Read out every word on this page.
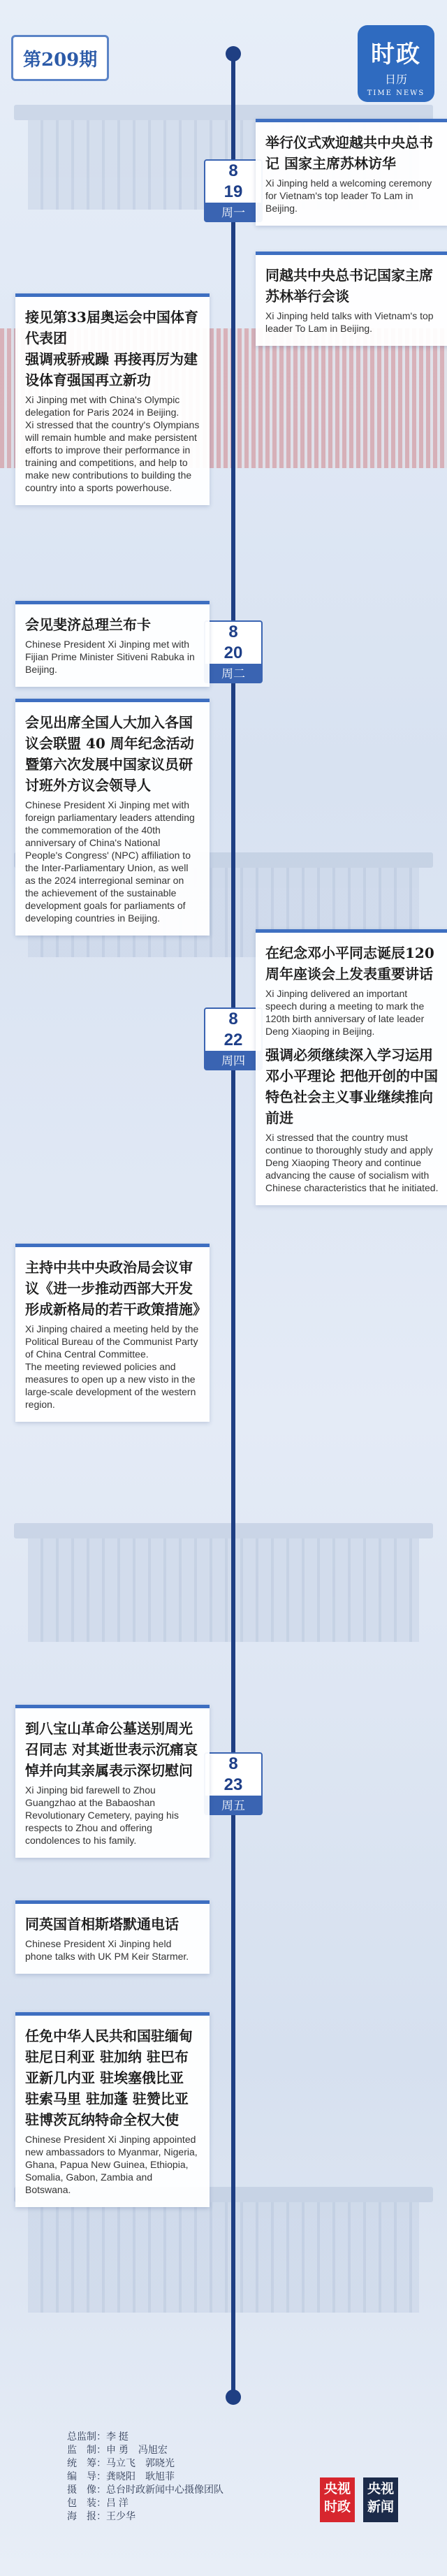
第209期	时政
日历
TIME NEWS
8
19
周一
8
20
周二
8
22
周四
8
23
周五
举行仪式欢迎越共中央总书记 国家主席苏林访华
Xi Jinping held a welcoming ceremony for Vietnam's top leader To Lam in Beijing.
同越共中央总书记国家主席苏林举行会谈
Xi Jinping held talks with Vietnam's top leader To Lam in Beijing.
接见第33届奥运会中国体育代表团
强调戒骄戒躁 再接再厉为建设体育强国再立新功
Xi Jinping met with China's Olympic delegation for Paris 2024 in Beijing.
Xi stressed that the country's Olympians will remain humble and make persistent efforts to improve their performance in training and competitions, and help to make new contributions to building the country into a sports powerhouse.
会见斐济总理兰布卡
Chinese President Xi Jinping met with Fijian Prime Minister Sitiveni Rabuka in Beijing.
会见出席全国人大加入各国议会联盟 40 周年纪念活动暨第六次发展中国家议员研讨班外方议会领导人
Chinese President Xi Jinping met with foreign parliamentary leaders attending the commemoration of the 40th anniversary of China's National People's Congress' (NPC) affiliation to the Inter-Parliamentary Union, as well as the 2024 interregional seminar on the achievement of the sustainable development goals for parliaments of developing countries in Beijing.
在纪念邓小平同志诞辰120周年座谈会上发表重要讲话
Xi Jinping delivered an important speech during a meeting to mark the 120th birth anniversary of late leader Deng Xiaoping in Beijing.
强调必须继续深入学习运用邓小平理论 把他开创的中国特色社会主义事业继续推向前进
Xi stressed that the country must continue to thoroughly study and apply Deng Xiaoping Theory and continue advancing the cause of socialism with Chinese characteristics that he initiated.
主持中共中央政治局会议审议《进一步推动西部大开发形成新格局的若干政策措施》
Xi Jinping chaired a meeting held by the Political Bureau of the Communist Party of China Central Committee.
The meeting reviewed policies and measures to open up a new visto in the large-scale development of the western region.
到八宝山革命公墓送别周光召同志 对其逝世表示沉痛哀悼并向其亲属表示深切慰问
Xi Jinping bid farewell to Zhou Guangzhao at the Babaoshan Revolutionary Cemetery, paying his respects to Zhou and offering condolences to his family.
同英国首相斯塔默通电话
Chinese President Xi Jinping held phone talks with UK PM Keir Starmer.
任免中华人民共和国驻缅甸 驻尼日利亚 驻加纳 驻巴布亚新几内亚 驻埃塞俄比亚 驻索马里 驻加蓬 驻赞比亚 驻博茨瓦纳特命全权大使
Chinese President Xi Jinping appointed new ambassadors to Myanmar, Nigeria, Ghana, Papua New Guinea, Ethiopia, Somalia, Gabon, Zambia and Botswana.
总监制：李 挺
监　制：申 勇　冯旭宏
统　筹：马立飞　郭晓光
编　导：龚晓阳　耿旭菲
摄　像：总台时政新闻中心摄像团队
包　装：吕 洋
海　报：王少华
央视时政
央视新闻
